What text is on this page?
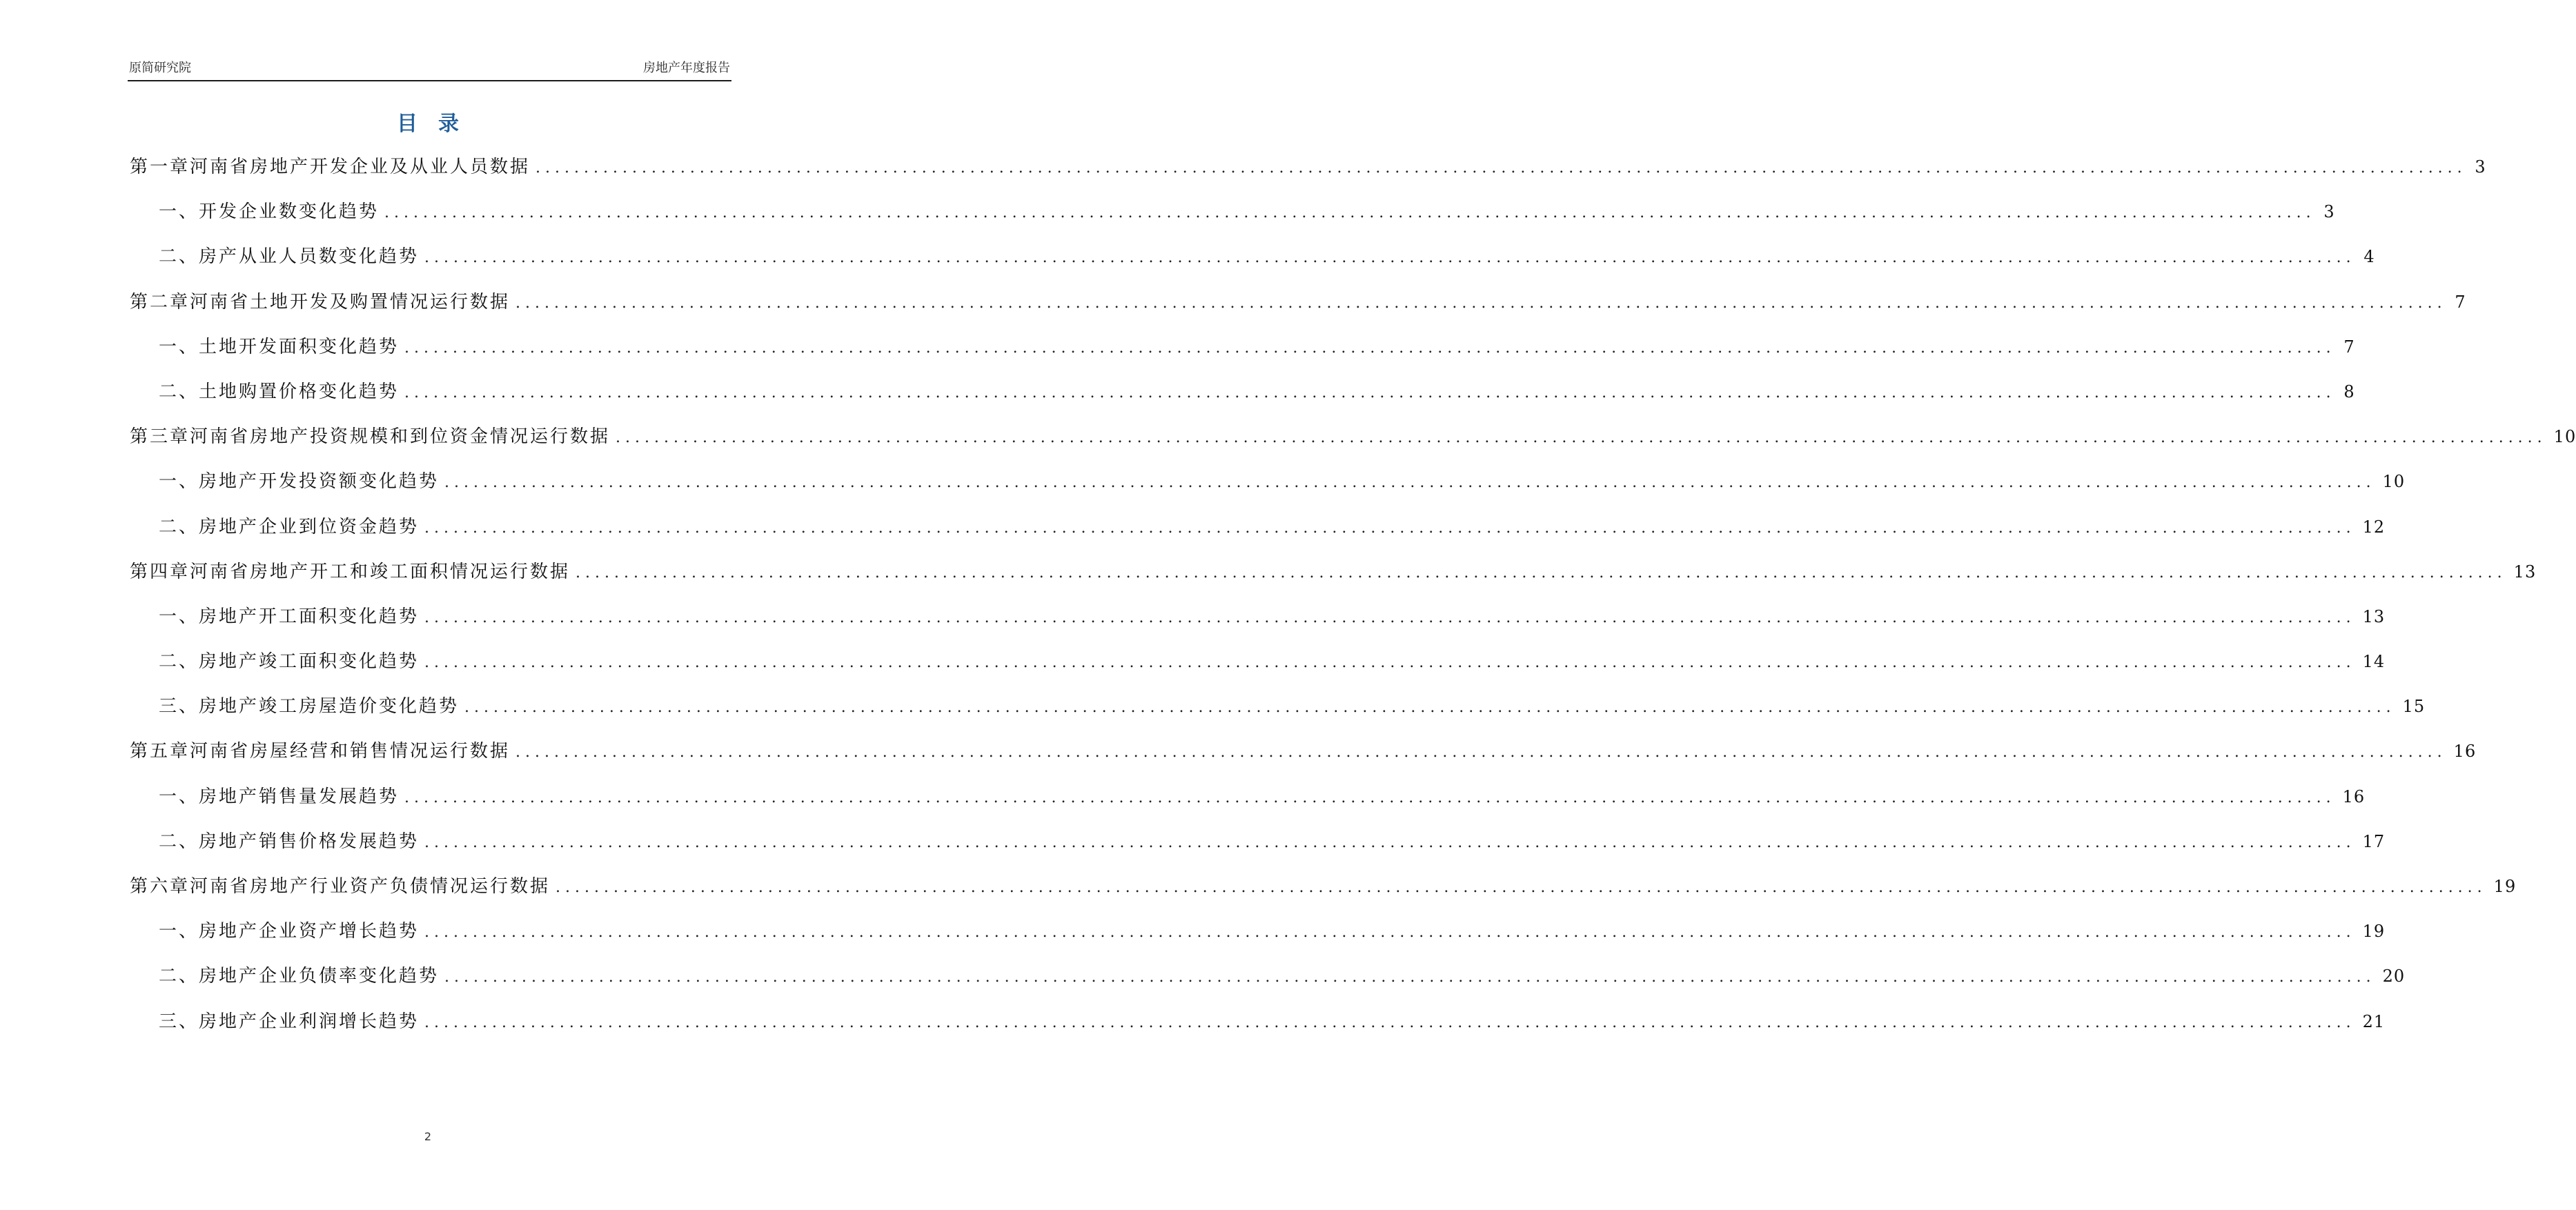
原简研究院	房地产年度报告
目录
第一章 河南省房地产开发企业及从业人员数据 ........................................................................................................................................................................................................ 3
一、开发企业数变化趋势 ........................................................................................................................................................................................................ 3
二、房产从业人员数变化趋势 ........................................................................................................................................................................................................ 4
第二章 河南省土地开发及购置情况运行数据 ........................................................................................................................................................................................................ 7
一、土地开发面积变化趋势 ........................................................................................................................................................................................................ 7
二、土地购置价格变化趋势 ........................................................................................................................................................................................................ 8
第三章 河南省房地产投资规模和到位资金情况运行数据 ........................................................................................................................................................................................................ 10
一、房地产开发投资额变化趋势 ........................................................................................................................................................................................................ 10
二、房地产企业到位资金趋势 ........................................................................................................................................................................................................ 12
第四章 河南省房地产开工和竣工面积情况运行数据 ........................................................................................................................................................................................................ 13
一、房地产开工面积变化趋势 ........................................................................................................................................................................................................ 13
二、房地产竣工面积变化趋势 ........................................................................................................................................................................................................ 14
三、房地产竣工房屋造价变化趋势 ........................................................................................................................................................................................................ 15
第五章 河南省房屋经营和销售情况运行数据 ........................................................................................................................................................................................................ 16
一、房地产销售量发展趋势 ........................................................................................................................................................................................................ 16
二、房地产销售价格发展趋势 ........................................................................................................................................................................................................ 17
第六章 河南省房地产行业资产负债情况运行数据 ........................................................................................................................................................................................................ 19
一、房地产企业资产增长趋势 ........................................................................................................................................................................................................ 19
二、房地产企业负债率变化趋势 ........................................................................................................................................................................................................ 20
三、房地产企业利润增长趋势 ........................................................................................................................................................................................................ 21
2
